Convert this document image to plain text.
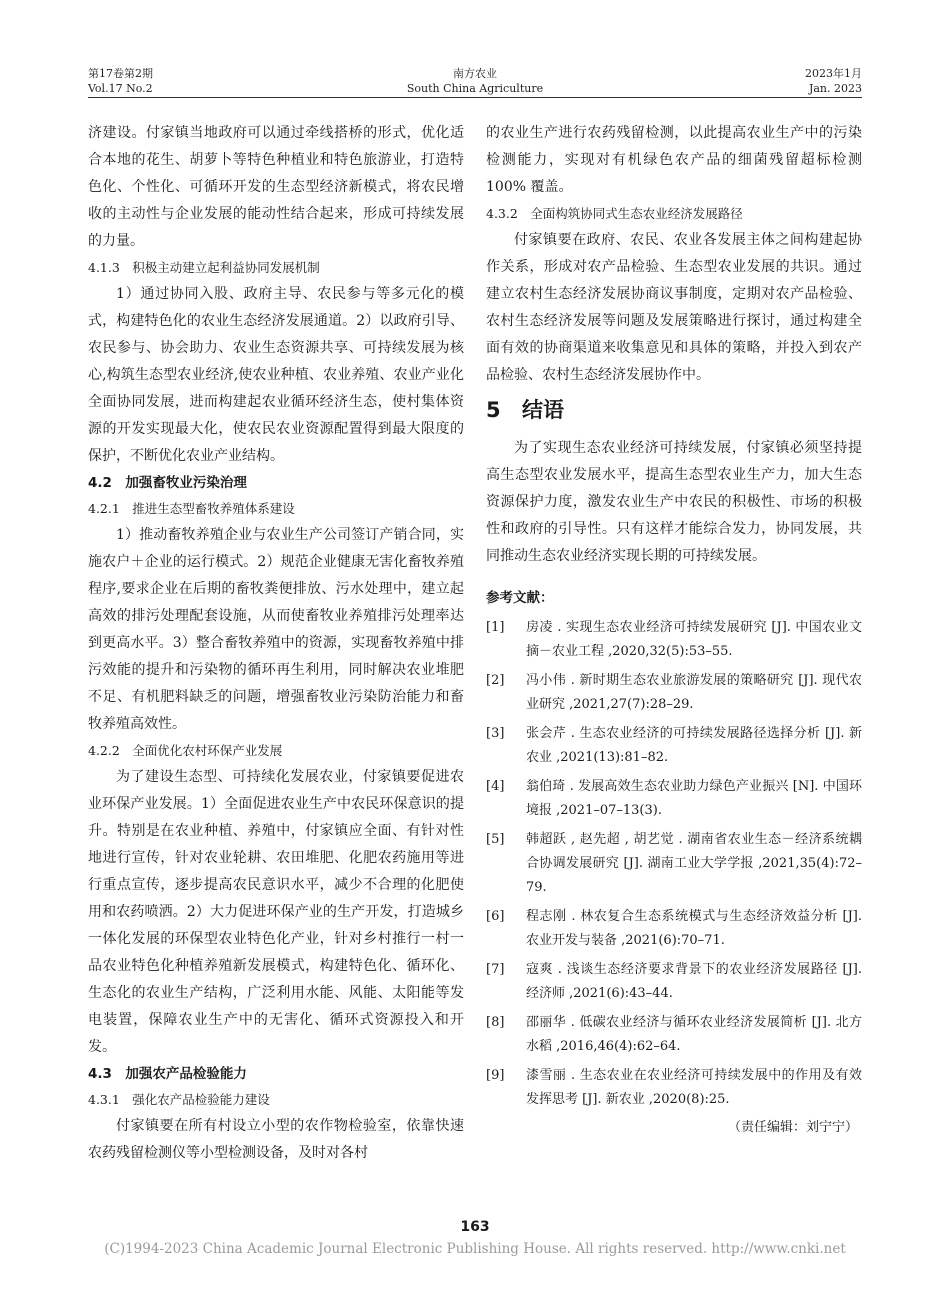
第17卷第2期
Vol.17 No.2
南方农业
South China Agriculture
2023年1月
Jan. 2023

济建设。付家镇当地政府可以通过牵线搭桥的形式，优化适合本地的花生、胡萝卜等特色种植业和特色旅游业，打造特色化、个性化、可循环开发的生态型经济新模式，将农民增收的主动性与企业发展的能动性结合起来，形成可持续发展的力量。

4.1.3　积极主动建立起利益协同发展机制

1）通过协同入股、政府主导、农民参与等多元化的模式，构建特色化的农业生态经济发展通道。2）以政府引导、农民参与、协会助力、农业生态资源共享、可持续发展为核心,构筑生态型农业经济,使农业种植、农业养殖、农业产业化全面协同发展，进而构建起农业循环经济生态，使村集体资源的开发实现最大化，使农民农业资源配置得到最大限度的保护，不断优化农业产业结构。

4.2　加强畜牧业污染治理
4.2.1　推进生态型畜牧养殖体系建设

1）推动畜牧养殖企业与农业生产公司签订产销合同，实施农户＋企业的运行模式。2）规范企业健康无害化畜牧养殖程序,要求企业在后期的畜牧粪便排放、污水处理中，建立起高效的排污处理配套设施，从而使畜牧业养殖排污处理率达到更高水平。3）整合畜牧养殖中的资源，实现畜牧养殖中排污效能的提升和污染物的循环再生利用，同时解决农业堆肥不足、有机肥料缺乏的问题，增强畜牧业污染防治能力和畜牧养殖高效性。

4.2.2　全面优化农村环保产业发展

为了建设生态型、可持续化发展农业，付家镇要促进农业环保产业发展。1）全面促进农业生产中农民环保意识的提升。特别是在农业种植、养殖中，付家镇应全面、有针对性地进行宣传，针对农业轮耕、农田堆肥、化肥农药施用等进行重点宣传，逐步提高农民意识水平，减少不合理的化肥使用和农药喷洒。2）大力促进环保产业的生产开发，打造城乡一体化发展的环保型农业特色化产业，针对乡村推行一村一品农业特色化种植养殖新发展模式，构建特色化、循环化、生态化的农业生产结构，广泛利用水能、风能、太阳能等发电装置，保障农业生产中的无害化、循环式资源投入和开发。

4.3　加强农产品检验能力
4.3.1　强化农产品检验能力建设

付家镇要在所有村设立小型的农作物检验室，依靠快速农药残留检测仪等小型检测设备，及时对各村

的农业生产进行农药残留检测，以此提高农业生产中的污染检测能力，实现对有机绿色农产品的细菌残留超标检测 100% 覆盖。

4.3.2　全面构筑协同式生态农业经济发展路径

付家镇要在政府、农民、农业各发展主体之间构建起协作关系，形成对农产品检验、生态型农业发展的共识。通过建立农村生态经济发展协商议事制度，定期对农产品检验、农村生态经济发展等问题及发展策略进行探讨，通过构建全面有效的协商渠道来收集意见和具体的策略，并投入到农产品检验、农村生态经济发展协作中。

5 结语

为了实现生态农业经济可持续发展，付家镇必须坚持提高生态型农业发展水平，提高生态型农业生产力，加大生态资源保护力度，激发农业生产中农民的积极性、市场的积极性和政府的引导性。只有这样才能综合发力，协同发展，共同推动生态农业经济实现长期的可持续发展。

参考文献：
[1]	房凌 . 实现生态农业经济可持续发展研究 [J]. 中国农业文摘－农业工程 ,2020,32(5):53–55.
[2]	冯小伟 . 新时期生态农业旅游发展的策略研究 [J]. 现代农业研究 ,2021,27(7):28–29.
[3]	张会芹 . 生态农业经济的可持续发展路径选择分析 [J]. 新农业 ,2021(13):81–82.
[4]	翁伯琦 . 发展高效生态农业助力绿色产业振兴 [N]. 中国环境报 ,2021–07–13(3).
[5]	韩超跃 , 赵先超 , 胡艺觉 . 湖南省农业生态－经济系统耦合协调发展研究 [J]. 湖南工业大学学报 ,2021,35(4):72–79.
[6]	程志刚 . 林农复合生态系统模式与生态经济效益分析 [J]. 农业开发与装备 ,2021(6):70–71.
[7]	寇爽 . 浅谈生态经济要求背景下的农业经济发展路径 [J]. 经济师 ,2021(6):43–44.
[8]	邵丽华 . 低碳农业经济与循环农业经济发展简析 [J]. 北方水稻 ,2016,46(4):62–64.
[9]	漆雪丽 . 生态农业在农业经济可持续发展中的作用及有效发挥思考 [J]. 新农业 ,2020(8):25.
（责任编辑：刘宁宁）
163
(C)1994-2023 China Academic Journal Electronic Publishing House. All rights reserved. http://www.cnki.net
